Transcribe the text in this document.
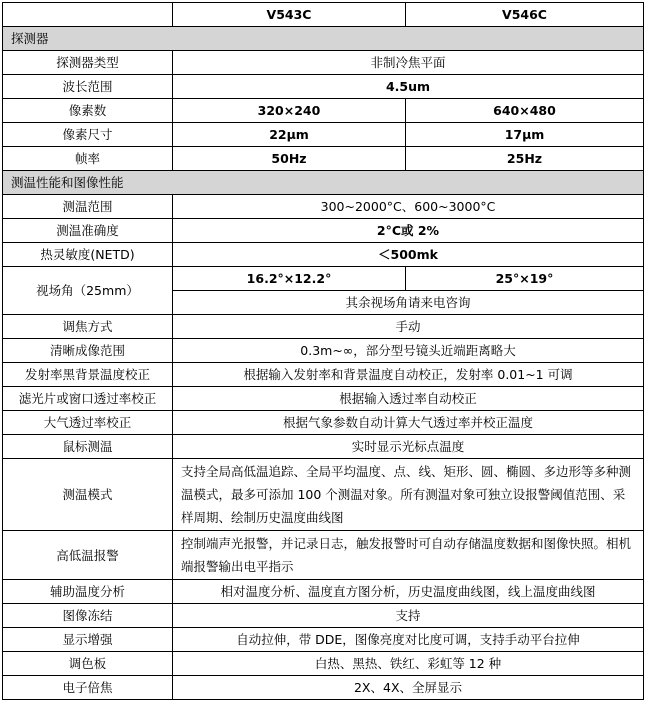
	V543C	V546C
探测器		
探测器类型	非制冷焦平面	
波长范围	4.5um	
像素数	320×240	640×480
像素尺寸	22μm	17μm
帧率	50Hz	25Hz
测温性能和图像性能		
测温范围	300~2000°C、600~3000°C	
测温准确度	2°C或 2%	
热灵敏度(NETD)	＜500mk	
视场角（25mm）	16.2°×12.2°	25°×19°
	其余视场角请来电咨询	
调焦方式	手动	
清晰成像范围	0.3m~∞，部分型号镜头近端距离略大	
发射率黑背景温度校正	根据输入发射率和背景温度自动校正，发射率 0.01~1 可调	
滤光片或窗口透过率校正	根据输入透过率自动校正	
大气透过率校正	根据气象参数自动计算大气透过率并校正温度	
鼠标测温	实时显示光标点温度	
测温模式	支持全局高低温追踪、全局平均温度、点、线、矩形、圆、椭圆、多边形等多种测温模式，最多可添加 100 个测温对象。所有测温对象可独立设报警阈值范围、采样周期、绘制历史温度曲线图	
高低温报警	控制端声光报警，并记录日志，触发报警时可自动存储温度数据和图像快照。相机端报警输出电平指示	
辅助温度分析	相对温度分析、温度直方图分析，历史温度曲线图，线上温度曲线图	
图像冻结	支持	
显示增强	自动拉伸，带 DDE，图像亮度对比度可调，支持手动平台拉伸	
调色板	白热、黑热、铁红、彩虹等 12 种	
电子倍焦	2X、4X、全屏显示	
